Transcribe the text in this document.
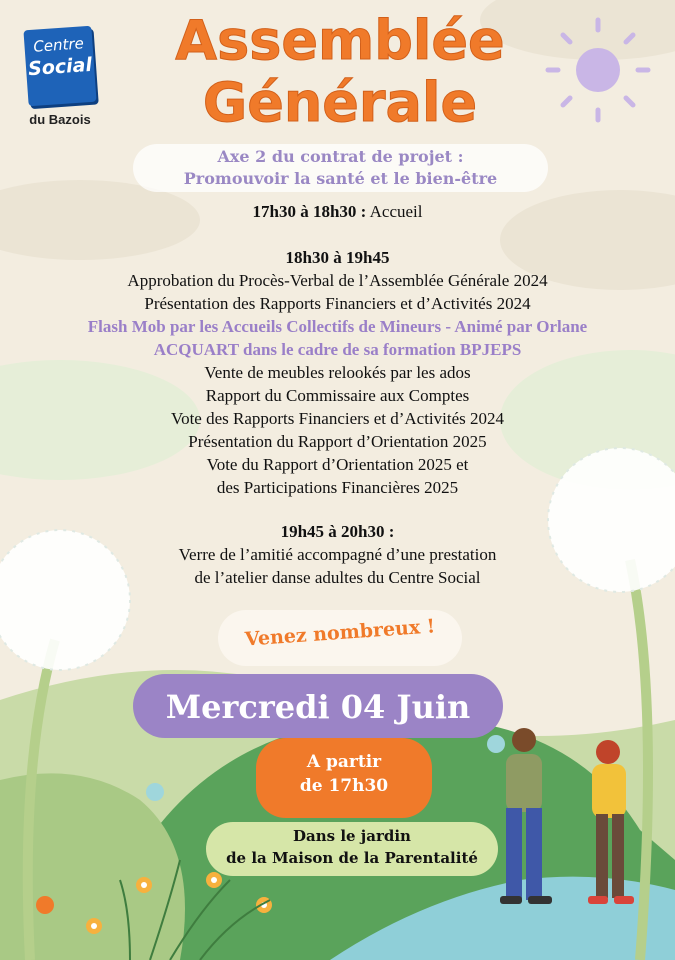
Centre
Social
du Bazois
Assemblée
Générale
Axe 2 du contrat de projet :
Promouvoir la santé et le bien-être
17h30 à 18h30 : Accueil
18h30 à 19h45
Approbation du Procès-Verbal de l’Assemblée Générale 2024
Présentation des Rapports Financiers et d’Activités 2024
Flash Mob par les Accueils Collectifs de Mineurs - Animé par Orlane
ACQUART dans le cadre de sa formation BPJEPS
Vente de meubles relookés par les ados
Rapport du Commissaire aux Comptes
Vote des Rapports Financiers et d’Activités 2024
Présentation du Rapport d’Orientation 2025
Vote du Rapport d’Orientation 2025 et
des Participations Financières 2025
19h45 à 20h30 :
Verre de l’amitié accompagné d’une prestation
de l’atelier danse adultes du Centre Social
Venez nombreux !
Mercredi 04 Juin
A partir
de 17h30
Dans le jardin
de la Maison de la Parentalité
